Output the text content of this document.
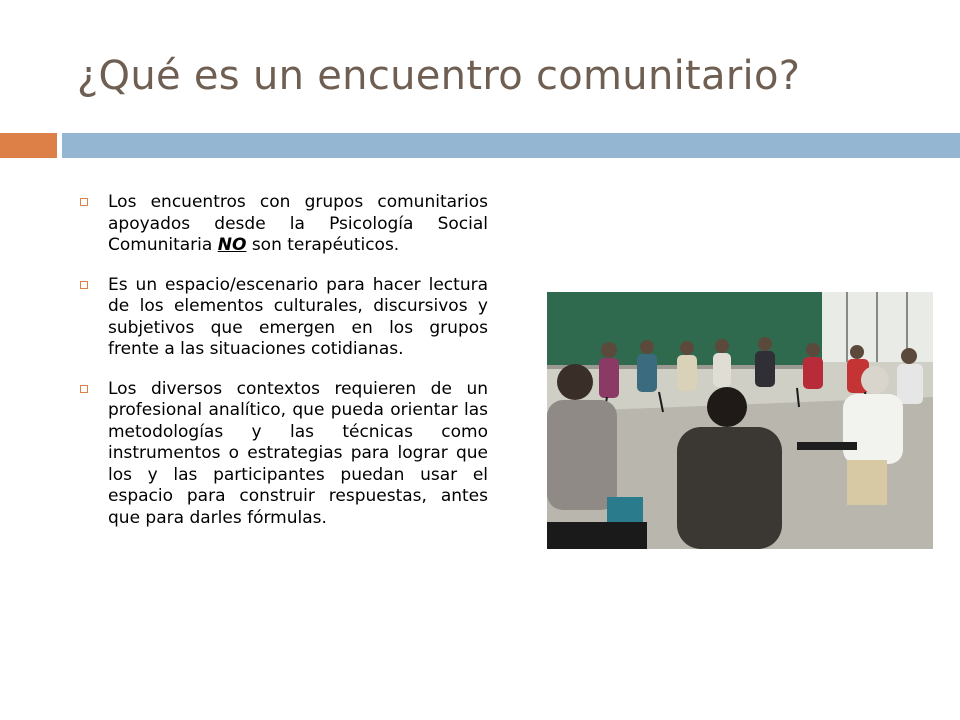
¿Qué es un encuentro comunitario?
Los encuentros con grupos comunitarios apoyados desde la Psicología Social Comunitaria NO son terapéuticos.
Es un espacio/escenario para hacer lectura de los elementos culturales, discursivos y subjetivos que emergen en los grupos frente a las situaciones cotidianas.
Los diversos contextos requieren de un profesional analítico, que pueda orientar las metodologías y las técnicas como instrumentos o estrategias para lograr que los y las participantes puedan usar el espacio para construir respuestas, antes que para darles fórmulas.
